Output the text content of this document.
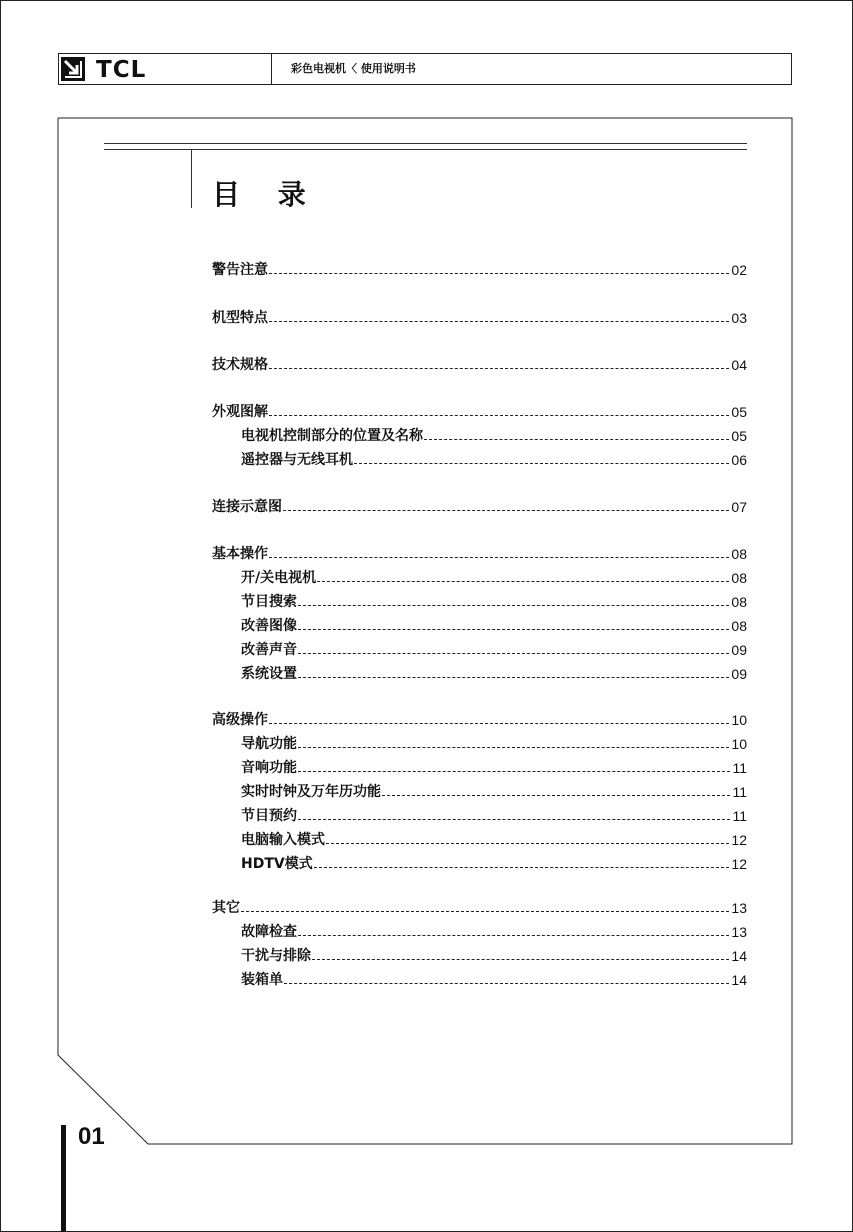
TCL	彩色电视机〈 使用说明书
目 录
警告注意	02
机型特点	03
技术规格	04
外观图解	05
电视机控制部分的位置及名称	05
遥控器与无线耳机	06
连接示意图	07
基本操作	08
开/关电视机	08
节目搜索	08
改善图像	08
改善声音	09
系统设置	09
高级操作	10
导航功能	10
音响功能	11
实时时钟及万年历功能	11
节目预约	11
电脑输入模式	12
HDTV模式	12
其它	13
故障检查	13
干扰与排除	14
装箱单	14
01
